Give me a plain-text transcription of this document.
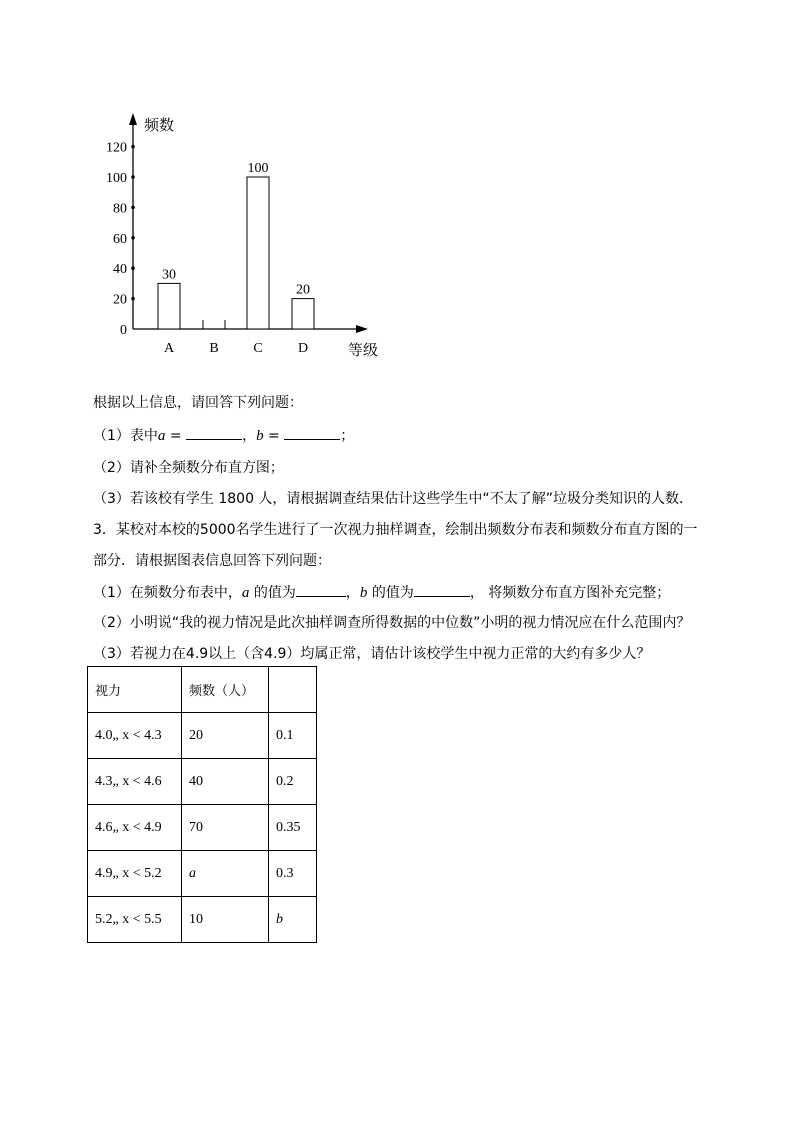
0
20
40
60
80
100
120
30
100
20
A	B C	D
频数
等级
根据以上信息，请回答下列问题：
（1）表中a =	，b =	；
（2）请补全频数分布直方图；
（3）若该校有学生 1800 人，请根据调查结果估计这些学生中“不太了解”垃圾分类知识的人数．
3．某校对本校的5000名学生进行了一次视力抽样调查，绘制出频数分布表和频数分布直方图的一
部分．请根据图表信息回答下列问题：
（1）在频数分布表中，a 的值为	，b 的值为	， 将频数分布直方图补充完整；
（2）小明说“我的视力情况是此次抽样调查所得数据的中位数”小明的视力情况应在什么范围内？
（3）若视力在4.9以上（含4.9）均属正常，请估计该校学生中视力正常的大约有多少人？
视力	频数（人）	
4.0„ x < 4.3	20	0.1
4.3„ x < 4.6	40	0.2
4.6„ x < 4.9	70	0.35
4.9„ x < 5.2	a	0.3
5.2„ x < 5.5	10	b
